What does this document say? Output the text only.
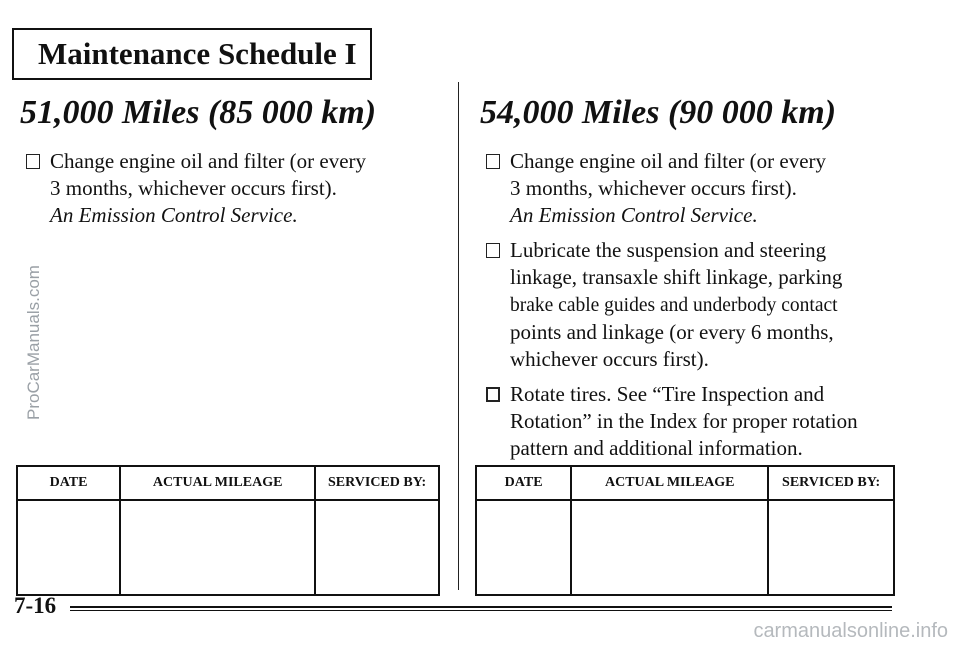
Maintenance Schedule I
51,000 Miles (85 000 km)
Change engine oil and filter (or every
3 months, whichever occurs first).
An Emission Control Service.
54,000 Miles (90 000 km)
Change engine oil and filter (or every
3 months, whichever occurs first).
An Emission Control Service.
Lubricate the suspension and steering
linkage, transaxle shift linkage, parking
brake cable guides and underbody contact
points and linkage (or every 6 months,
whichever occurs first).
Rotate tires. See “Tire Inspection and
Rotation” in the Index for proper rotation
pattern and additional information.
DATE	ACTUAL MILEAGE	SERVICED BY:
			DATE	ACTUAL MILEAGE	SERVICED BY:

7-16
ProCarManuals.com
carmanualsonline.info
